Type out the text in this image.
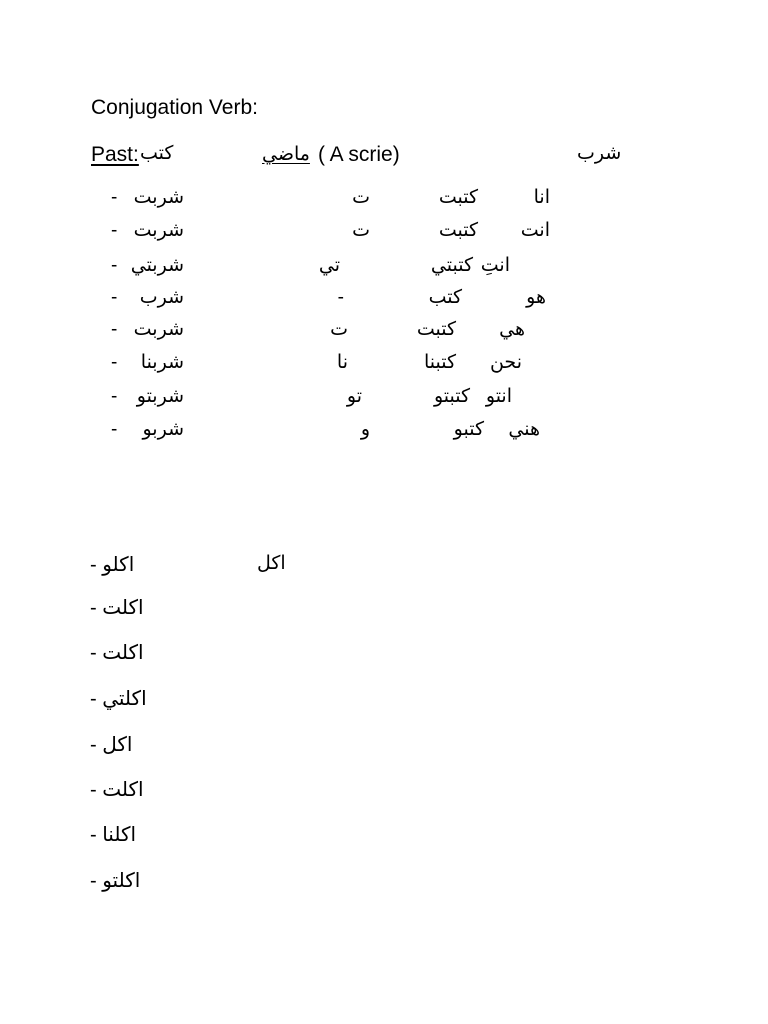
Conjugation Verb:
Past: كتب	ماضي ( A scrie)	شرب
- شربت	ت	كتبت	انا
- شربت	ت	كتبت انت
- شربتي	تي	كتبتي انتِ
- شرب	-	كتب	هو
- شربت	ت	كتبت هي
- شربنا	نا	كتبنا نحن
- شربتو	تو	كتبتو انتو
- شربو	و	كتبو هني
اكل
اكلو -
اكلت -
اكلت -
اكلتي -
اكل -
اكلت -
اكلنا -
اكلتو -
